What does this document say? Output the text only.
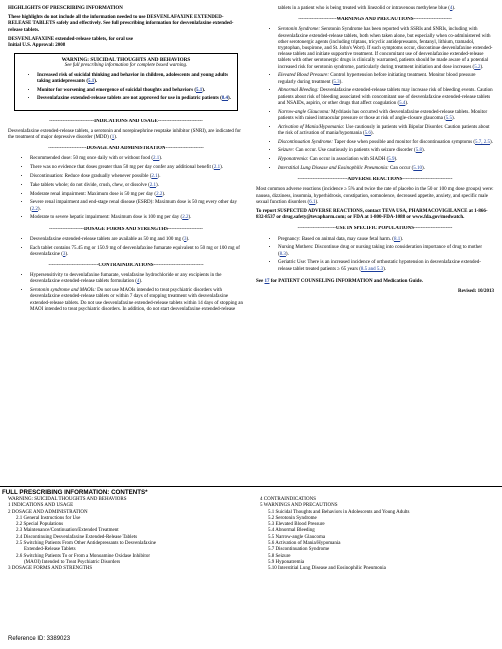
HIGHLIGHTS OF PRESCRIBING INFORMATION

These highlights do not include all the information needed to use DESVENLAFAXINE EXTENDED-RELEASE TABLETS safely and effectively. See full prescribing information for desvenlafaxine extended-release tablets.

DESVENLAFAXINE extended-release tablets, for oral use

Initial U.S. Approval: 2008

WARNING: SUICIDAL THOUGHTS AND BEHAVIORS
See full prescribing information for complete boxed warning.
• Increased risk of suicidal thinking and behavior in children, adolescents and young adults taking antidepressants (5.1).
• Monitor for worsening and emergence of suicidal thoughts and behaviors (5.1).
• Desvenlafaxine extended-release tablets are not approved for use in pediatric patients (8.4).
---------------------------INDICATIONS AND USAGE---------------------------

Desvenlafaxine extended-release tablets, a serotonin and norepinephrine reuptake inhibitor (SNRI), are indicated for the treatment of major depressive disorder (MDD) (1).

-----------------------DOSAGE AND ADMINISTRATION-----------------------
• Recommended dose: 50 mg once daily with or without food (2.1).
• There was no evidence that doses greater than 50 mg per day confer any additional benefit (2.1).
• Discontinuation: Reduce dose gradually whenever possible (2.1).
• Take tablets whole; do not divide, crush, chew, or dissolve (2.1).
• Moderate renal impairment: Maximum dose is 50 mg per day (2.2).
• Severe renal impairment and end-stage renal disease (ESRD): Maximum dose is 50 mg every other day (2.2).
• Moderate to severe hepatic impairment: Maximum dose is 100 mg per day (2.2).
---------------------DOSAGE FORMS AND STRENGTHS---------------------
• Desvenlafaxine extended-release tablets are available as 50 mg and 100 mg (3).
• Each tablet contains 75.45 mg or 150.9 mg of desvenlafaxine fumarate equivalent to 50 mg or 100 mg of desvenlafaxine (3).
------------------------------CONTRAINDICATIONS------------------------------
• Hypersensitivity to desvenlafaxine fumarate, venlafaxine hydrochloride or any excipients in the desvenlafaxine extended-release tablets formulation (4).
• Serotonin syndrome and MAOIs: Do not use MAOIs intended to treat psychiatric disorders with desvenlafaxine extended-release tablets or within 7 days of stopping treatment with desvenlafaxine extended-release tablets. Do not use desvenlafaxine extended-release tablets within 14 days of stopping an MAOI intended to treat psychiatric disorders. In addition, do not start desvenlafaxine extended-release

tablets in a patient who is being treated with linezolid or intravenous methylene blue (4).

-----------------------WARNINGS AND PRECAUTIONS-----------------------
• Serotonin Syndrome: Serotonin Syndrome has been reported with SSRIs and SNRIs, including with desvenlafaxine extended-release tablets, both when taken alone, but especially when co-administered with other serotonergic agents (including triptans, tricyclic antidepressants, fentanyl, lithium, tramadol, tryptophan, buspirone, and St. John's Wort). If such symptoms occur, discontinue desvenlafaxine extended-release tablets and initiate supportive treatment. If concomitant use of desvenlafaxine extended-release tablets with other serotonergic drugs is clinically warranted, patients should be made aware of a potential increased risk for serotonin syndrome, particularly during treatment initiation and dose increases (5.2).
• Elevated Blood Pressure: Control hypertension before initiating treatment. Monitor blood pressure regularly during treatment (5.3).
• Abnormal Bleeding: Desvenlafaxine extended-release tablets may increase risk of bleeding events. Caution patients about risk of bleeding associated with concomitant use of desvenlafaxine extended-release tablets and NSAIDs, aspirin, or other drugs that affect coagulation (5.4).
• Narrow-angle Glaucoma: Mydriasis has occurred with desvenlafaxine extended-release tablets. Monitor patients with raised intraocular pressure or those at risk of angle-closure glaucoma (5.5).
• Activation of Mania/Hypomania: Use cautiously in patients with Bipolar Disorder. Caution patients about the risk of activation of mania/hypomania (5.6).
• Discontinuation Syndrome: Taper dose when possible and monitor for discontinuation symptoms (5.7, 2.5).
• Seizure: Can occur. Use cautiously in patients with seizure disorder (5.8).
• Hyponatremia: Can occur in association with SIADH (5.9).
• Interstitial Lung Disease and Eosinophilic Pneumonia: Can occur (5.10).
------------------------------ADVERSE REACTIONS------------------------------

Most common adverse reactions (incidence ≥ 5% and twice the rate of placebo in the 50 or 100 mg dose groups) were: nausea, dizziness, insomnia, hyperhidrosis, constipation, somnolence, decreased appetite, anxiety, and specific male sexual function disorders (6.1).

To report SUSPECTED ADVERSE REACTIONS, contact TEVA USA, PHARMACOVIGILANCE at 1-866-832-8537 or drug.safety@tevapharm.com; or FDA at 1-800-FDA-1088 or www.fda.gov/medwatch.

-----------------------USE IN SPECIFIC POPULATIONS-----------------------
• Pregnancy: Based on animal data, may cause fetal harm. (8.1).
• Nursing Mothers: Discontinue drug or nursing taking into consideration importance of drug to mother (8.3).
• Geriatric Use: There is an increased incidence of orthostatic hypotension in desvenlafaxine extended-release tablet treated patients ≥ 65 years (8.5 and 5.3).

See 17 for PATIENT COUNSELING INFORMATION and Medication Guide.

Revised: 10/2013
FULL PRESCRIBING INFORMATION: CONTENTS*
WARNING: SUICIDAL THOUGHTS AND BEHAVIORS
1 INDICATIONS AND USAGE
2 DOSAGE AND ADMINISTRATION
2.1 General Instructions for Use
2.2 Special Populations
2.3 Maintenance/Continuation/Extended Treatment
2.4 Discontinuing Desvenlafaxine Extended-Release Tablets
2.5 Switching Patients From Other Antidepressants to Desvenlafaxine
Extended-Release Tablets
2.6 Switching Patients To or From a Monoamine Oxidase Inhibitor
(MAOI) Intended to Treat Psychiatric Disorders
3 DOSAGE FORMS AND STRENGTHS
4 CONTRAINDICATIONS
5 WARNINGS AND PRECAUTIONS
5.1 Suicidal Thoughts and Behaviors in Adolescents and Young Adults
5.2 Serotonin Syndrome
5.3 Elevated Blood Pressure
5.4 Abnormal Bleeding
5.5 Narrow-angle Glaucoma
5.6 Activation of Mania/Hypomania
5.7 Discontinuation Syndrome
5.8 Seizure
5.9 Hyponatremia
5.10 Interstitial Lung Disease and Eosinophilic Pneumonia
Reference ID: 3389023
